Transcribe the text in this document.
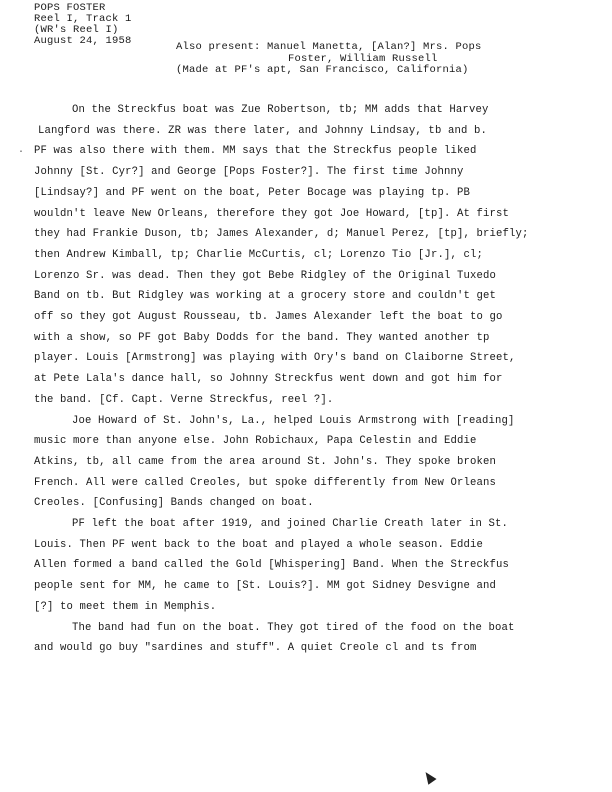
POPS FOSTER
Reel I, Track 1
(WR's Reel I)
August 24, 1958	Also present: Manuel Manetta, [Alan?] Mrs. Pops
Foster, William Russell
(Made at PF's apt, San Francisco, California)
·
On the Streckfus boat was Zue Robertson, tb; MM adds that Harvey
Langford was there. ZR was there later, and Johnny Lindsay, tb and b.
PF was also there with them. MM says that the Streckfus people liked
Johnny [St. Cyr?] and George [Pops Foster?]. The first time Johnny
[Lindsay?] and PF went on the boat, Peter Bocage was playing tp. PB
wouldn't leave New Orleans, therefore they got Joe Howard, [tp]. At first
they had Frankie Duson, tb; James Alexander, d; Manuel Perez, [tp], briefly;
then Andrew Kimball, tp; Charlie McCurtis, cl; Lorenzo Tio [Jr.], cl;
Lorenzo Sr. was dead. Then they got Bebe Ridgley of the Original Tuxedo
Band on tb. But Ridgley was working at a grocery store and couldn't get
off so they got August Rousseau, tb. James Alexander left the boat to go
with a show, so PF got Baby Dodds for the band. They wanted another tp
player. Louis [Armstrong] was playing with Ory's band on Claiborne Street,
at Pete Lala's dance hall, so Johnny Streckfus went down and got him for
the band. [Cf. Capt. Verne Streckfus, reel ?].
Joe Howard of St. John's, La., helped Louis Armstrong with [reading]
music more than anyone else. John Robichaux, Papa Celestin and Eddie
Atkins, tb, all came from the area around St. John's. They spoke broken
French. All were called Creoles, but spoke differently from New Orleans
Creoles. [Confusing] Bands changed on boat.
PF left the boat after 1919, and joined Charlie Creath later in St.
Louis. Then PF went back to the boat and played a whole season. Eddie
Allen formed a band called the Gold [Whispering] Band. When the Streckfus
people sent for MM, he came to [St. Louis?]. MM got Sidney Desvigne and
[?] to meet them in Memphis.
The band had fun on the boat. They got tired of the food on the boat
and would go buy "sardines and stuff". A quiet Creole cl and ts from
